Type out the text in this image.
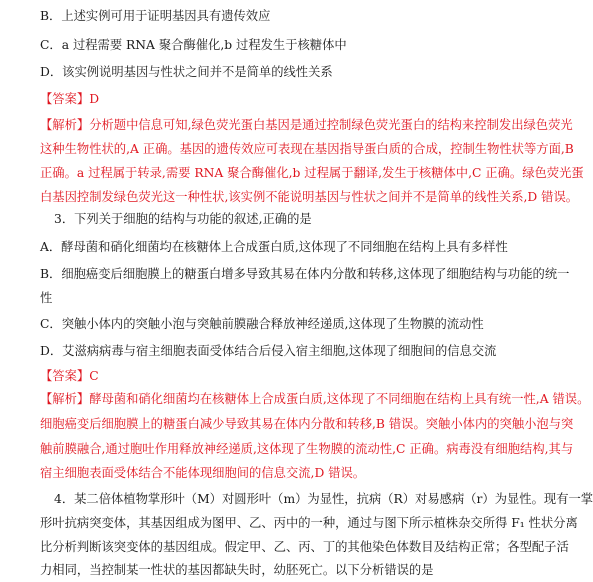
B．上述实例可用于证明基因具有遗传效应
C．a 过程需要 RNA 聚合酶催化,b 过程发生于核糖体中
D．该实例说明基因与性状之间并不是简单的线性关系
【答案】D
【解析】分析题中信息可知,绿色荧光蛋白基因是通过控制绿色荧光蛋白的结构来控制发出绿色荧光
这种生物性状的,A 正确。基因的遗传效应可表现在基因指导蛋白质的合成，控制生物性状等方面,B
正确。a 过程属于转录,需要 RNA 聚合酶催化,b 过程属于翻译,发生于核糖体中,C 正确。绿色荧光蛋
白基因控制发绿色荧光这一种性状,该实例不能说明基因与性状之间并不是简单的线性关系,D 错误。
3．下列关于细胞的结构与功能的叙述,正确的是
A．酵母菌和硝化细菌均在核糖体上合成蛋白质,这体现了不同细胞在结构上具有多样性
B．细胞癌变后细胞膜上的糖蛋白增多导致其易在体内分散和转移,这体现了细胞结构与功能的统一
性
C．突触小体内的突触小泡与突触前膜融合释放神经递质,这体现了生物膜的流动性
D．艾滋病病毒与宿主细胞表面受体结合后侵入宿主细胞,这体现了细胞间的信息交流
【答案】C
【解析】酵母菌和硝化细菌均在核糖体上合成蛋白质,这体现了不同细胞在结构上具有统一性,A 错误。
细胞癌变后细胞膜上的糖蛋白减少导致其易在体内分散和转移,B 错误。突触小体内的突触小泡与突
触前膜融合,通过胞吐作用释放神经递质,这体现了生物膜的流动性,C 正确。病毒没有细胞结构,其与
宿主细胞表面受体结合不能体现细胞间的信息交流,D 错误。
4．某二倍体植物掌形叶（M）对圆形叶（m）为显性，抗病（R）对易感病（r）为显性。现有一掌
形叶抗病突变体，其基因组成为图甲、乙、丙中的一种，通过与图下所示植株杂交所得 F₁ 性状分离
比分析判断该突变体的基因组成。假定甲、乙、丙、丁的其他染色体数目及结构正常；各型配子活
力相同，当控制某一性状的基因都缺失时，幼胚死亡。以下分析错误的是
